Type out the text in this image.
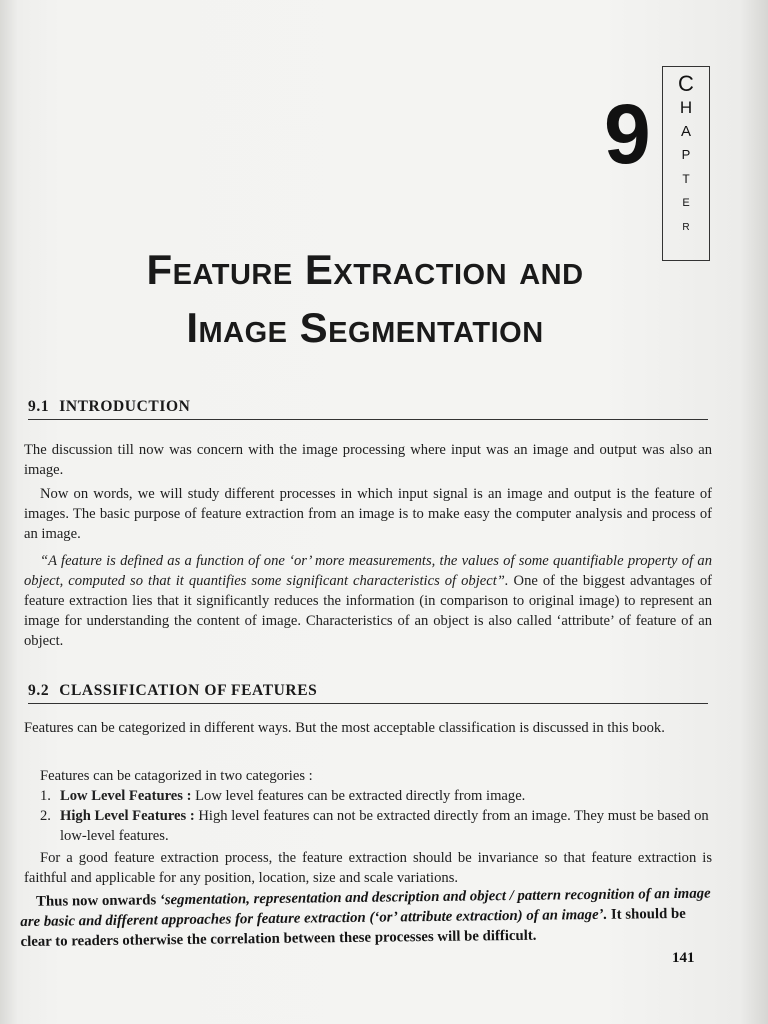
9
C
H
A
P
T
E
R
Feature Extraction and
Image Segmentation
9.1 INTRODUCTION
The discussion till now was concern with the image processing where input was an image and output was also an image.
Now on words, we will study different processes in which input signal is an image and output is the feature of images. The basic purpose of feature extraction from an image is to make easy the computer analysis and process of an image.
“A feature is defined as a function of one ‘or’ more measurements, the values of some quantifiable property of an object, computed so that it quantifies some significant characteristics of object”. One of the biggest advantages of feature extraction lies that it significantly reduces the information (in comparison to original image) to represent an image for understanding the content of image. Characteristics of an object is also called ‘attribute’ of feature of an object.
9.2 CLASSIFICATION OF FEATURES
Features can be categorized in different ways. But the most acceptable classification is discussed in this book.
Features can be catagorized in two categories :
1. Low Level Features : Low level features can be extracted directly from image.
2. High Level Features : High level features can not be extracted directly from an image. They must be based on low-level features.
For a good feature extraction process, the feature extraction should be invariance so that feature extraction is faithful and applicable for any position, location, size and scale variations.
Thus now onwards ‘segmentation, representation and description and object / pattern recognition of an image are basic and different approaches for feature extraction (‘or’ attribute extraction) of an image’. It should be clear to readers otherwise the correlation between these processes will be difficult.
141
